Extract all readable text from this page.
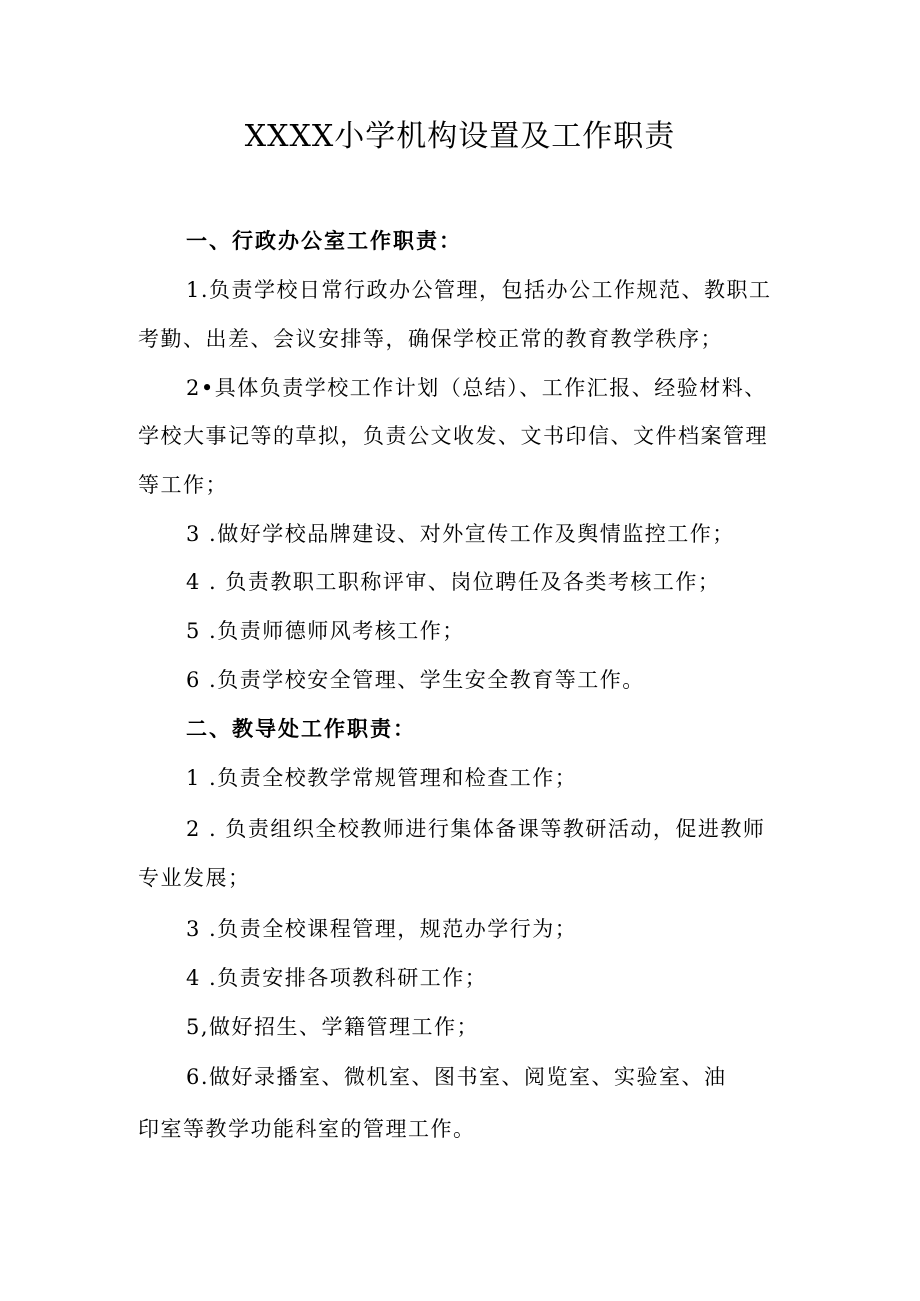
XXXX小学机构设置及工作职责

一、行政办公室工作职责：

1.负责学校日常行政办公管理，包括办公工作规范、教职工

考勤、出差、会议安排等，确保学校正常的教育教学秩序；

2•具体负责学校工作计划（总结）、工作汇报、经验材料、

学校大事记等的草拟，负责公文收发、文书印信、文件档案管理

等工作；

3 .做好学校品牌建设、对外宣传工作及舆情监控工作；

4 . 负责教职工职称评审、岗位聘任及各类考核工作；

5 .负责师德师风考核工作；

6 .负责学校安全管理、学生安全教育等工作。

二、教导处工作职责：

1 .负责全校教学常规管理和检查工作；

2 . 负责组织全校教师进行集体备课等教研活动，促进教师

专业发展；

3 .负责全校课程管理，规范办学行为；

4 .负责安排各项教科研工作；

5,做好招生、学籍管理工作；

6.做好录播室、微机室、图书室、阅览室、实验室、油

印室等教学功能科室的管理工作。
